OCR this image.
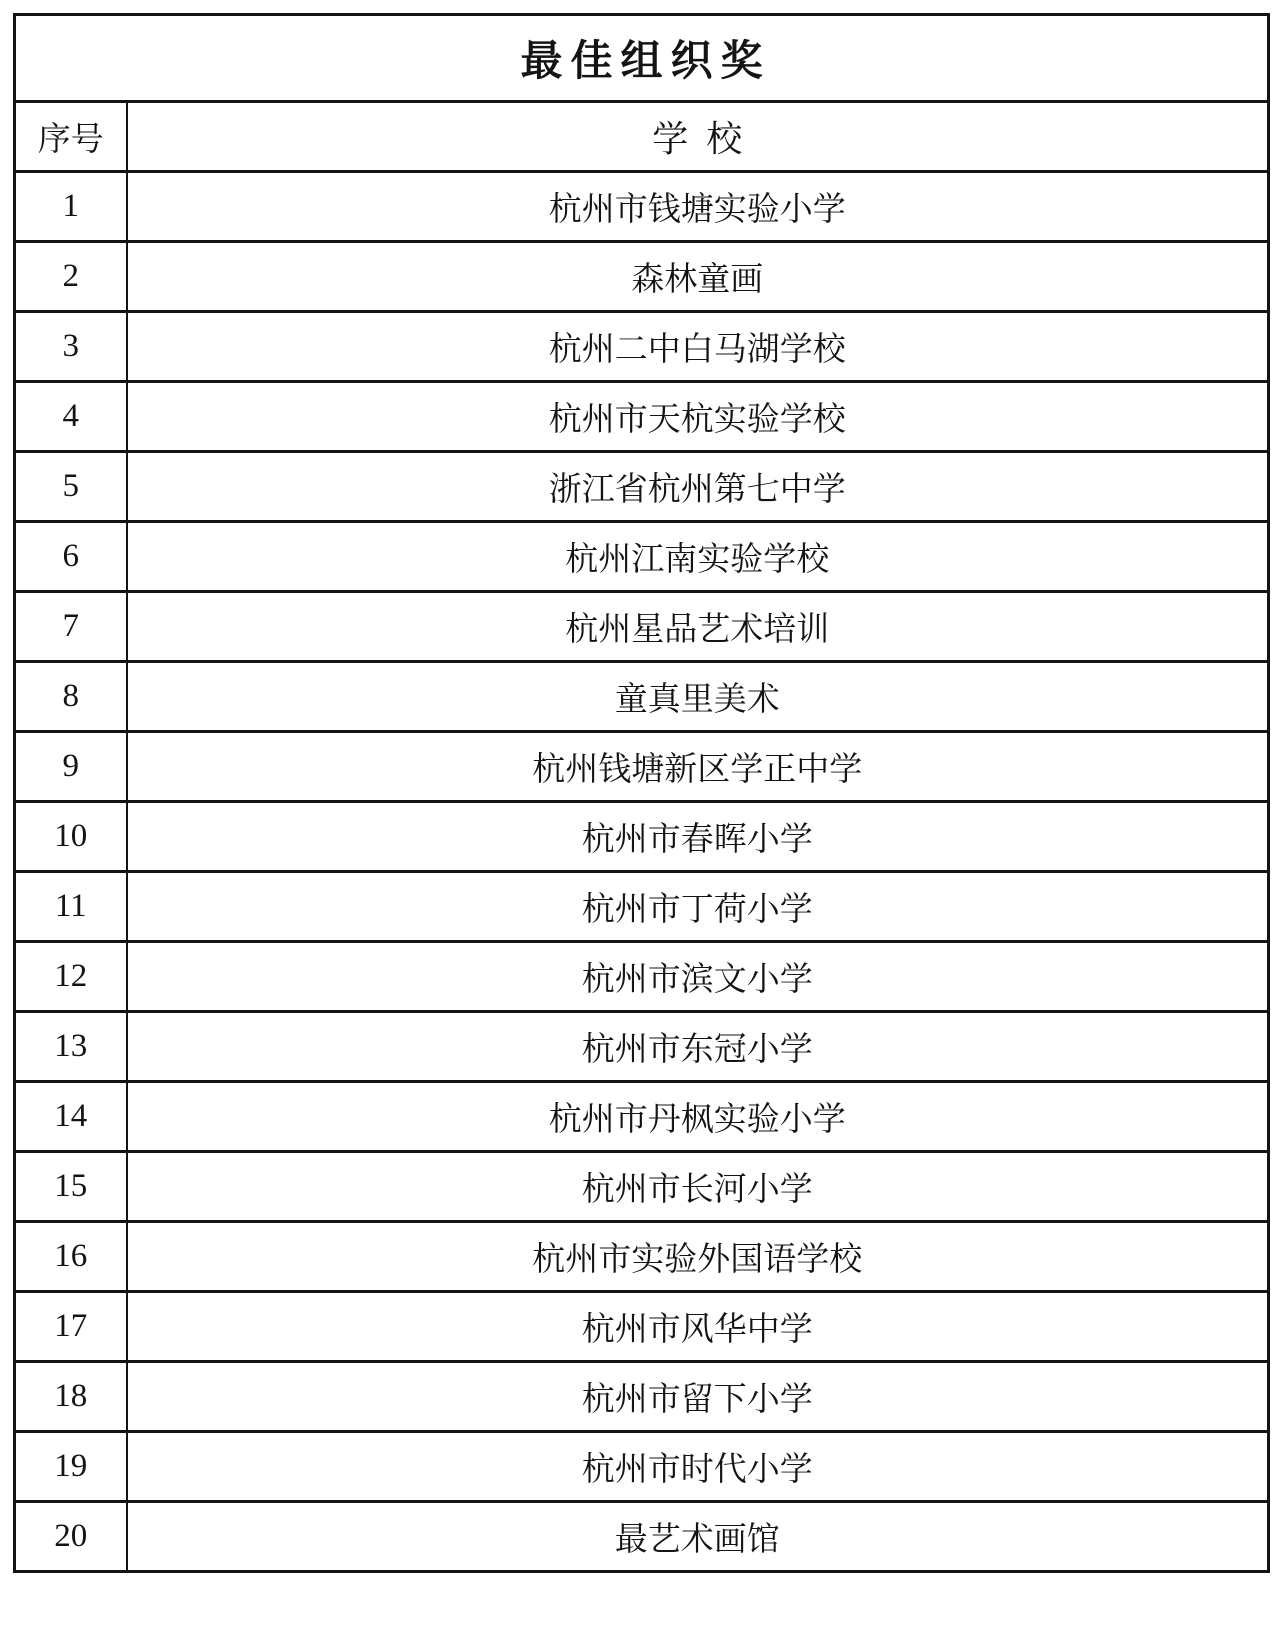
最佳组织奖	
序号	学  校
1	杭州市钱塘实验小学
2	森林童画
3	杭州二中白马湖学校
4	杭州市天杭实验学校
5	浙江省杭州第七中学
6	杭州江南实验学校
7	杭州星品艺术培训
8	童真里美术
9	杭州钱塘新区学正中学
10	杭州市春晖小学
11	杭州市丁荷小学
12	杭州市滨文小学
13	杭州市东冠小学
14	杭州市丹枫实验小学
15	杭州市长河小学
16	杭州市实验外国语学校
17	杭州市风华中学
18	杭州市留下小学
19	杭州市时代小学
20	最艺术画馆
